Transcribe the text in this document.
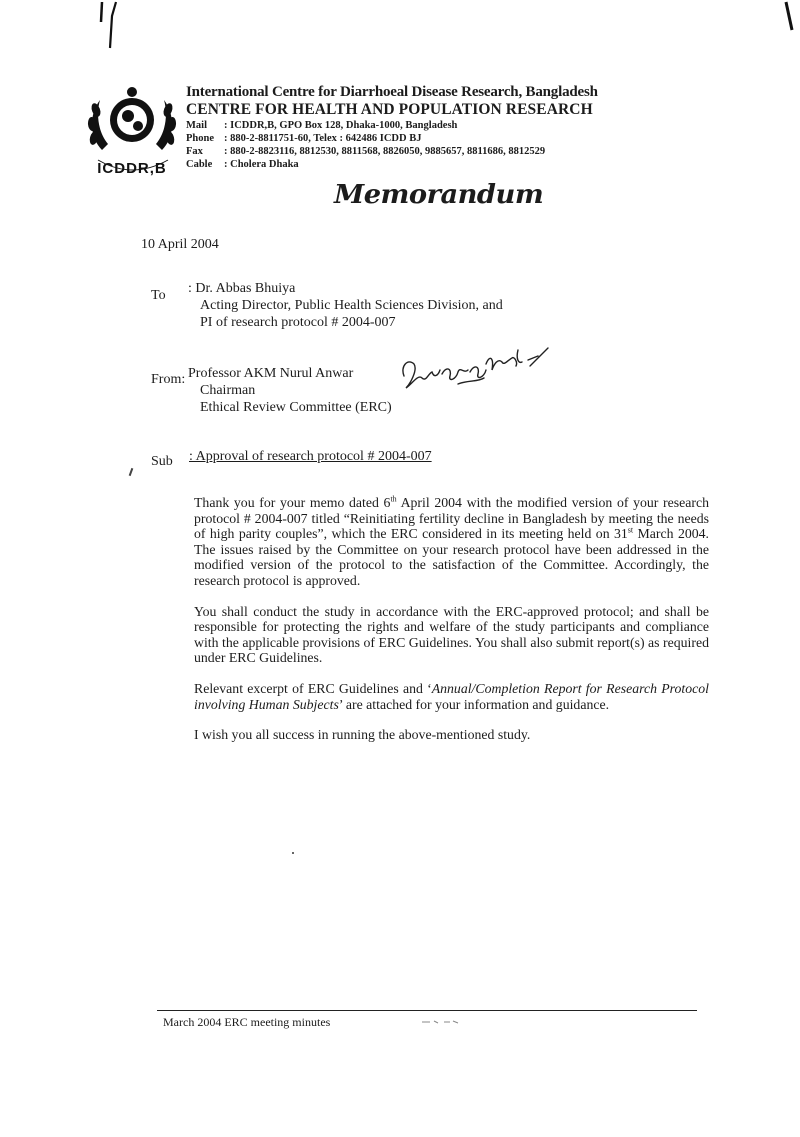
ICDDR,B
International Centre for Diarrhoeal Disease Research, Bangladesh
CENTRE FOR HEALTH AND POPULATION RESEARCH
Mail : ICDDR,B, GPO Box 128, Dhaka-1000, Bangladesh
Phone : 880-2-8811751-60, Telex : 642486 ICDD BJ
Fax : 880-2-8823116, 8812530, 8811568, 8826050, 9885657, 8811686, 8812529
Cable : Cholera Dhaka
Memorandum
10 April 2004
To : Dr. Abbas Bhuiya
Acting Director, Public Health Sciences Division, and
PI of research protocol # 2004-007
From: Professor AKM Nurul Anwar
Chairman
Ethical Review Committee (ERC)
Sub : Approval of research protocol # 2004-007

Thank you for your memo dated 6th April 2004 with the modified version of your research protocol # 2004-007 titled “Reinitiating fertility decline in Bangladesh by meeting the needs of high parity couples”, which the ERC considered in its meeting held on 31st March 2004. The issues raised by the Committee on your research protocol have been addressed in the modified version of the protocol to the satisfaction of the Committee. Accordingly, the research protocol is approved.

You shall conduct the study in accordance with the ERC-approved protocol; and shall be responsible for protecting the rights and welfare of the study participants and compliance with the applicable provisions of ERC Guidelines. You shall also submit report(s) as required under ERC Guidelines.

Relevant excerpt of ERC Guidelines and ‘Annual/Completion Report for Research Protocol involving Human Subjects’ are attached for your information and guidance.

I wish you all success in running the above-mentioned study.

March 2004 ERC meeting minutes
